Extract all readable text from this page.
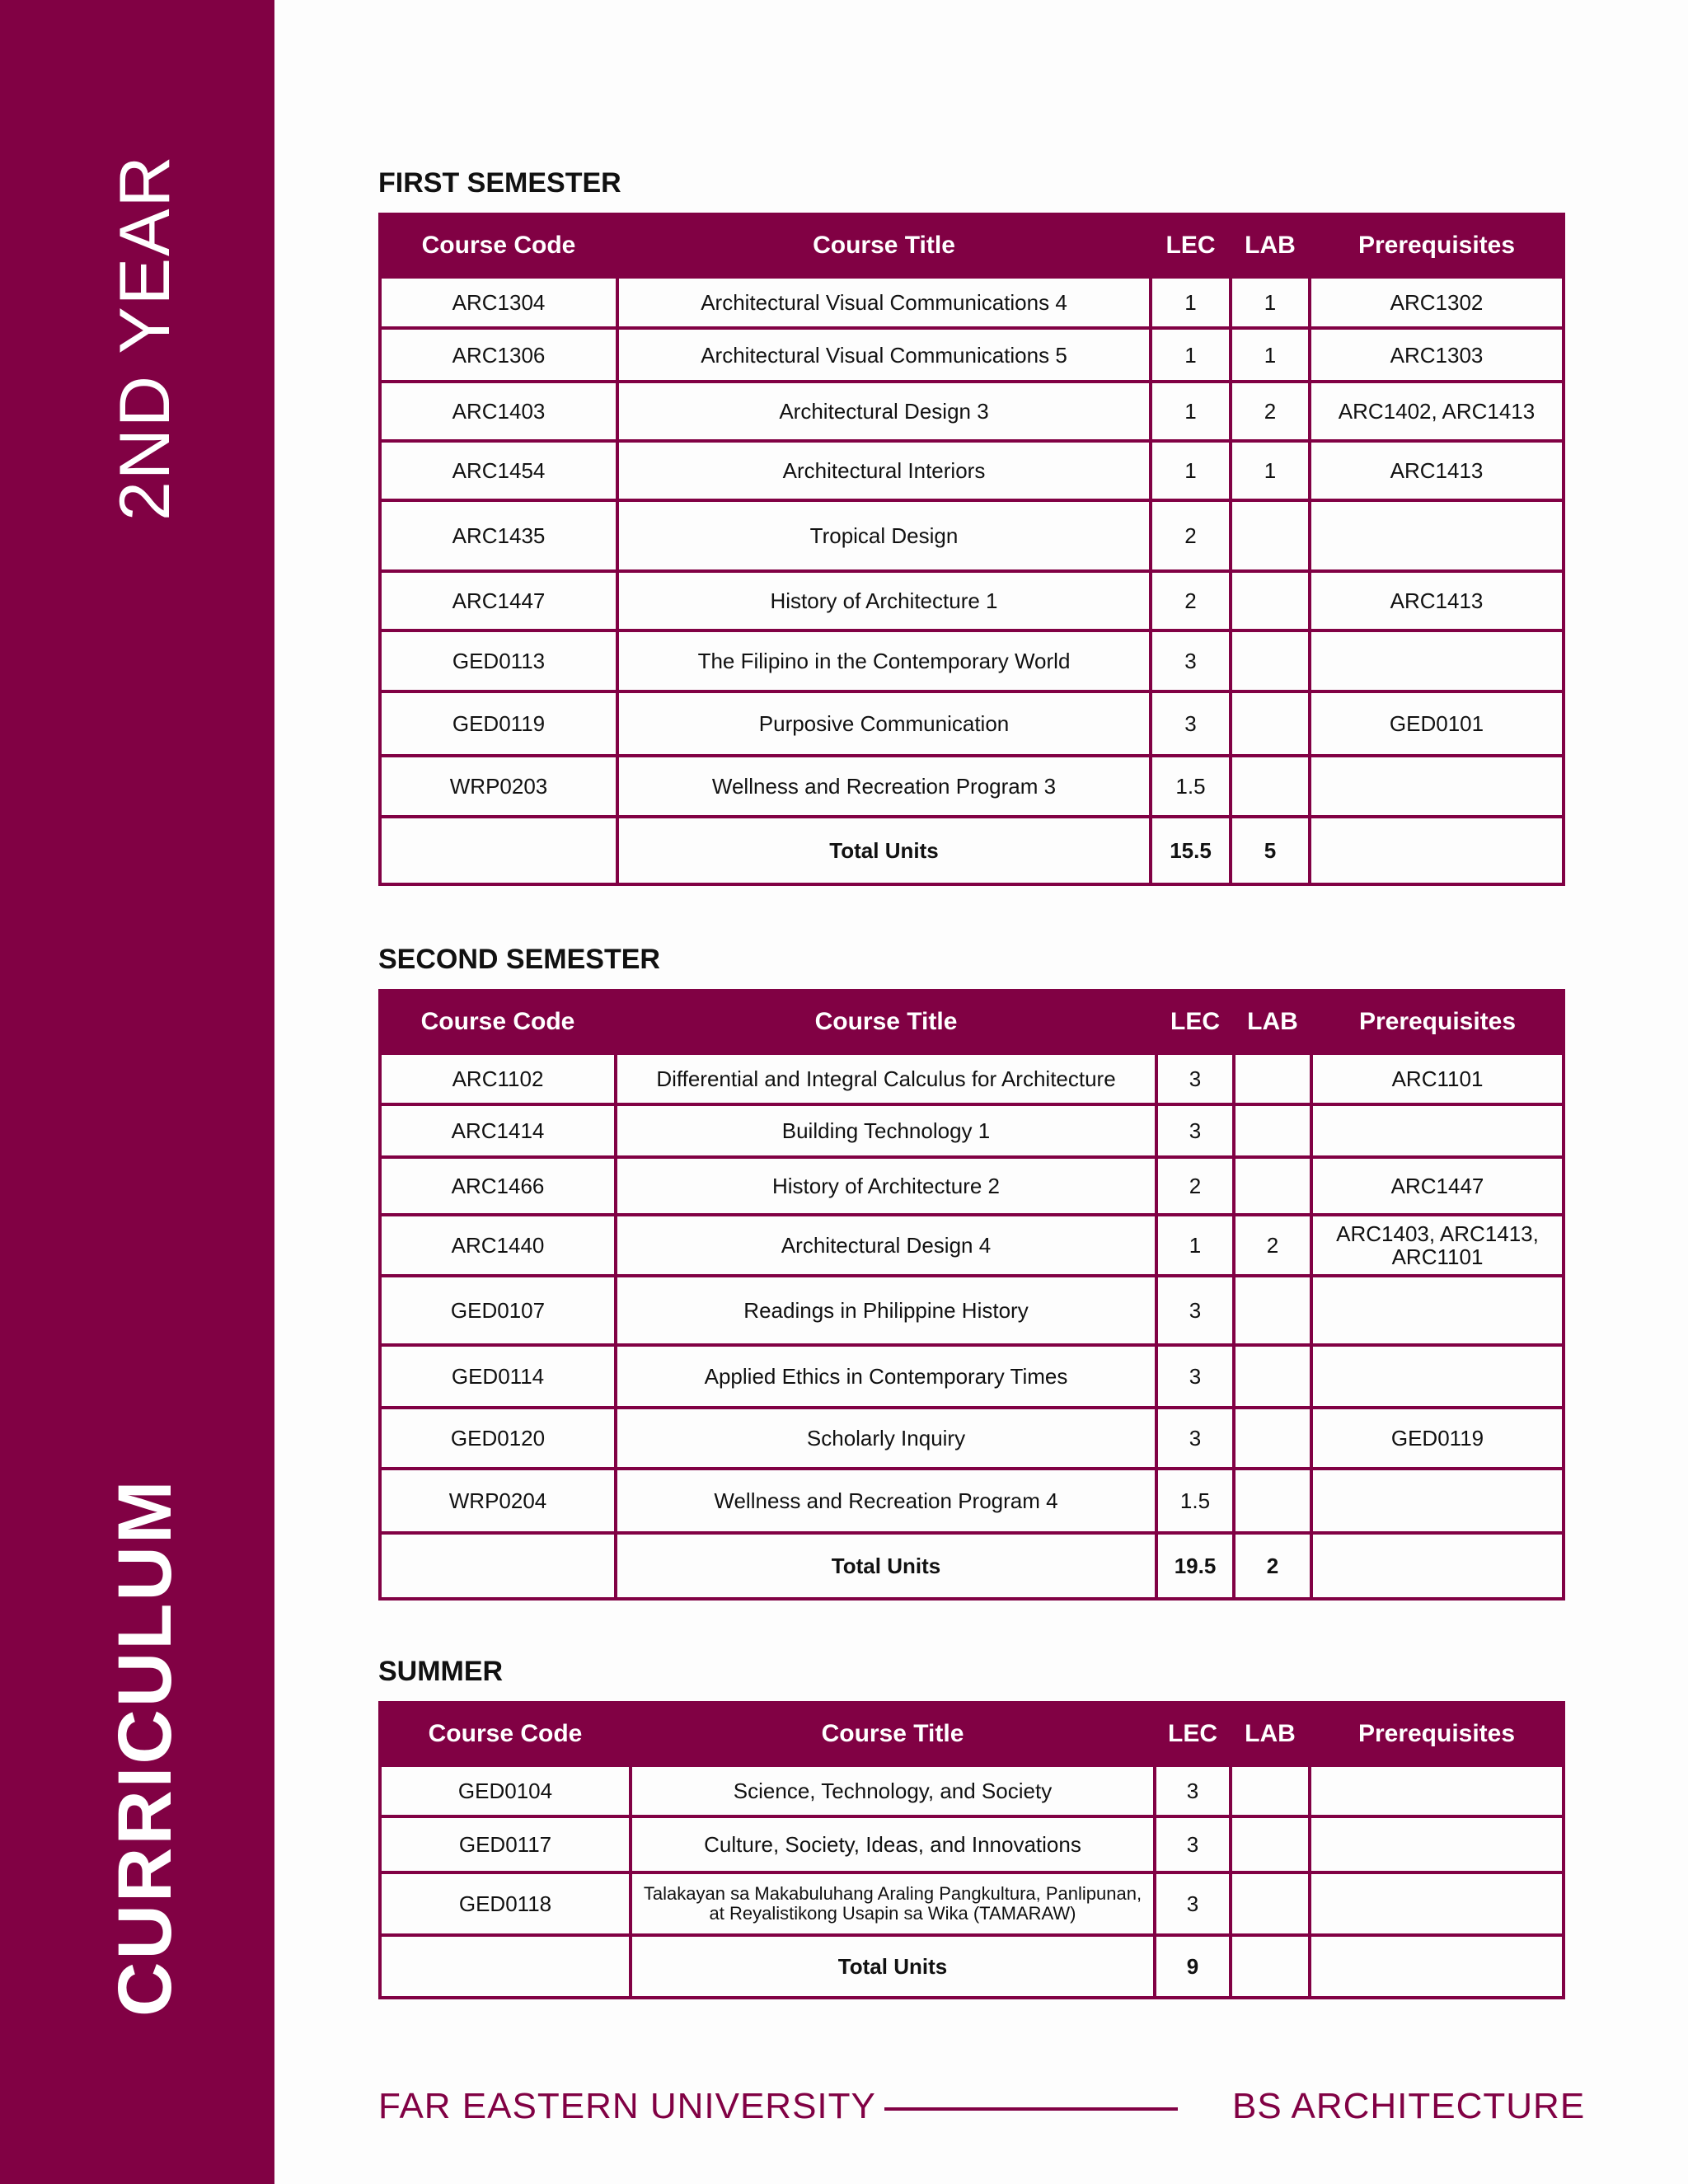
2ND YEAR
CURRICULUM
FIRST SEMESTER
Course Code	Course Title	LEC	LAB	Prerequisites
ARC1304	Architectural Visual Communications 4	1	1	ARC1302
ARC1306	Architectural Visual Communications 5	1	1	ARC1303
ARC1403	Architectural Design 3	1	2	ARC1402, ARC1413
ARC1454	Architectural Interiors	1	1	ARC1413
ARC1435	Tropical Design	2		
ARC1447	History of Architecture 1	2		ARC1413
GED0113	The Filipino in the Contemporary World	3		
GED0119	Purposive Communication	3		GED0101
WRP0203	Wellness and Recreation Program 3	1.5		
	Total Units	15.5	5	
SECOND SEMESTER
Course Code	Course Title	LEC	LAB	Prerequisites
ARC1102	Differential and Integral Calculus for Architecture	3		ARC1101
ARC1414	Building Technology 1	3		
ARC1466	History of Architecture 2	2		ARC1447
ARC1440	Architectural Design 4	1	2	ARC1403, ARC1413, ARC1101
GED0107	Readings in Philippine History	3		
GED0114	Applied Ethics in Contemporary Times	3		
GED0120	Scholarly Inquiry	3		GED0119
WRP0204	Wellness and Recreation Program 4	1.5		
	Total Units	19.5	2	
SUMMER
Course Code	Course Title	LEC	LAB	Prerequisites
GED0104	Science, Technology, and Society	3		
GED0117	Culture, Society, Ideas, and Innovations	3		
GED0118	Talakayan sa Makabuluhang Araling Pangkultura, Panlipunan, at Reyalistikong Usapin sa Wika (TAMARAW)	3		
	Total Units	9		
FAR EASTERN UNIVERSITY	BS ARCHITECTURE
